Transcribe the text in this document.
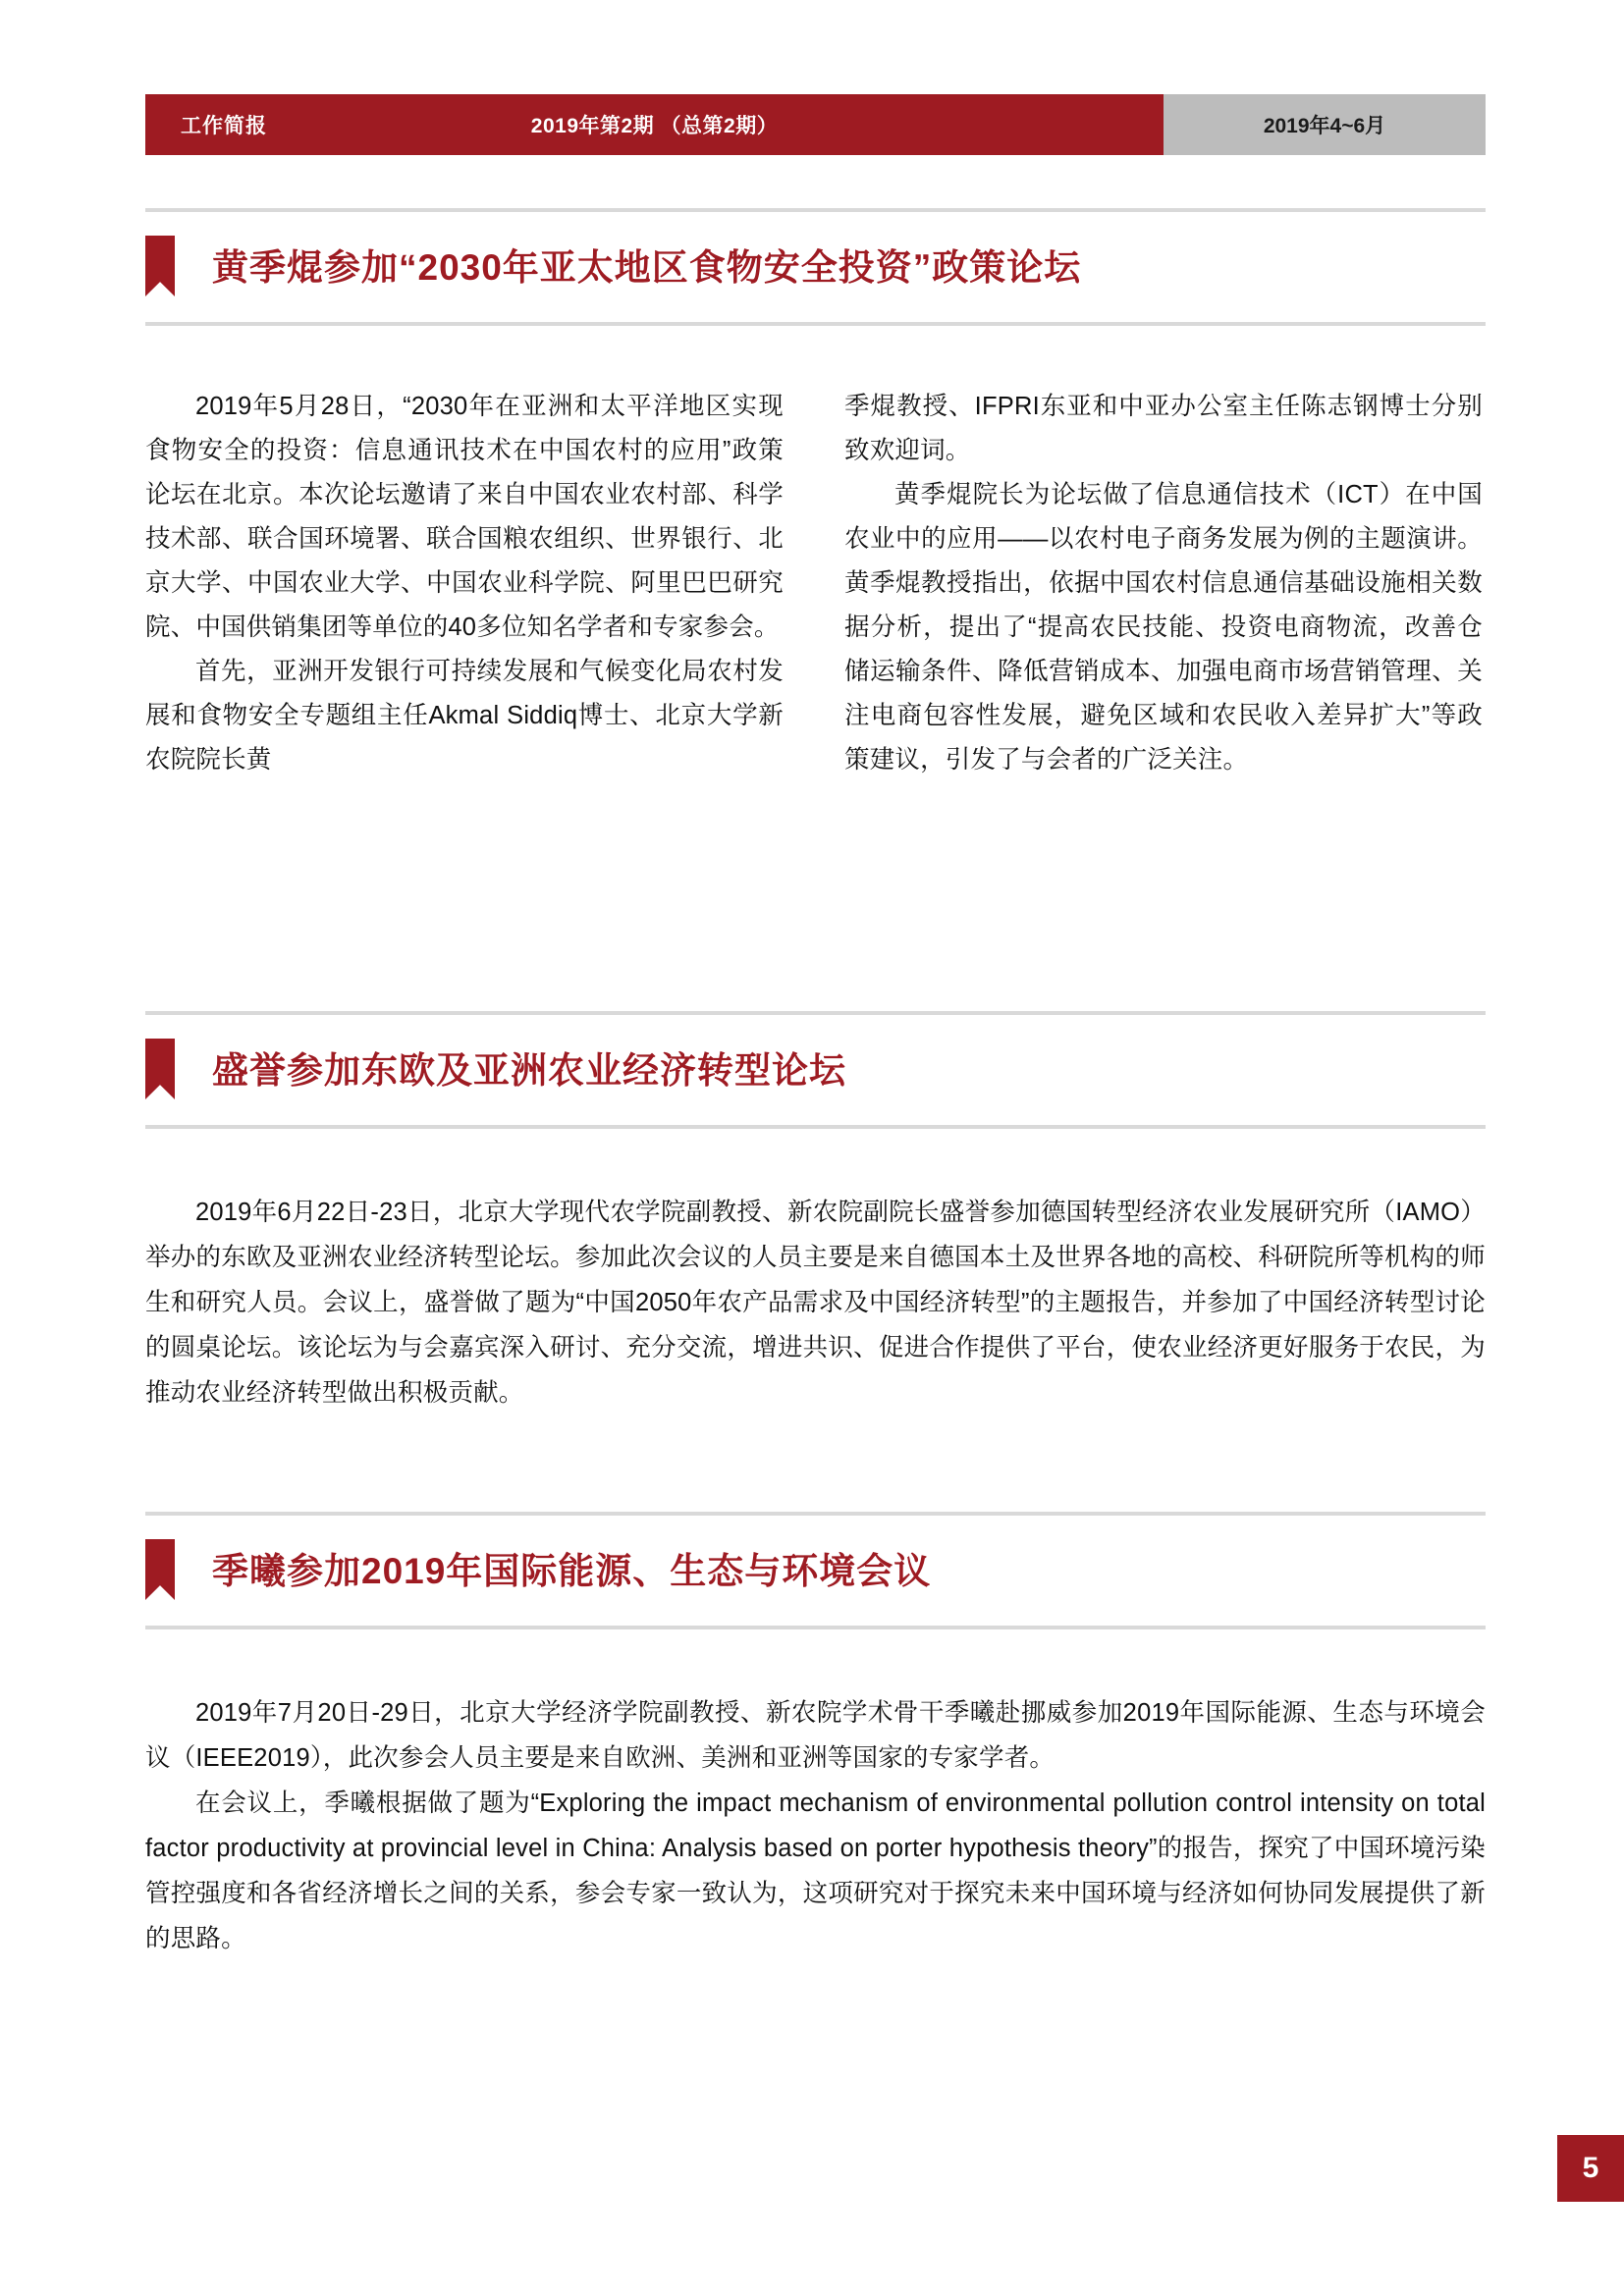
工作简报	2019年第2期 （总第2期）	2019年4~6月
黄季焜参加“2030年亚太地区食物安全投资”政策论坛

2019年5月28日，“2030年在亚洲和太平洋地区实现食物安全的投资：信息通讯技术在中国农村的应用”政策论坛在北京。本次论坛邀请了来自中国农业农村部、科学技术部、联合国环境署、联合国粮农组织、世界银行、北京大学、中国农业大学、中国农业科学院、阿里巴巴研究院、中国供销集团等单位的40多位知名学者和专家参会。

首先，亚洲开发银行可持续发展和气候变化局农村发展和食物安全专题组主任Akmal Siddiq博士、北京大学新农院院长黄

季焜教授、IFPRI东亚和中亚办公室主任陈志钢博士分别致欢迎词。

黄季焜院长为论坛做了信息通信技术（ICT）在中国农业中的应用——以农村电子商务发展为例的主题演讲。黄季焜教授指出，依据中国农村信息通信基础设施相关数据分析，提出了“提高农民技能、投资电商物流，改善仓储运输条件、降低营销成本、加强电商市场营销管理、关注电商包容性发展，避免区域和农民收入差异扩大”等政策建议，引发了与会者的广泛关注。

盛誉参加东欧及亚洲农业经济转型论坛

2019年6月22日-23日，北京大学现代农学院副教授、新农院副院长盛誉参加德国转型经济农业发展研究所（IAMO）举办的东欧及亚洲农业经济转型论坛。参加此次会议的人员主要是来自德国本土及世界各地的高校、科研院所等机构的师生和研究人员。会议上，盛誉做了题为“中国2050年农产品需求及中国经济转型”的主题报告，并参加了中国经济转型讨论的圆桌论坛。该论坛为与会嘉宾深入研讨、充分交流，增进共识、促进合作提供了平台，使农业经济更好服务于农民，为推动农业经济转型做出积极贡献。

季曦参加2019年国际能源、生态与环境会议

2019年7月20日-29日，北京大学经济学院副教授、新农院学术骨干季曦赴挪威参加2019年国际能源、生态与环境会议（IEEE2019），此次参会人员主要是来自欧洲、美洲和亚洲等国家的专家学者。

在会议上，季曦根据做了题为“Exploring the impact mechanism of environmental pollution control intensity on total factor productivity at provincial level in China: Analysis based on porter hypothesis theory”的报告，探究了中国环境污染管控强度和各省经济增长之间的关系，参会专家一致认为，这项研究对于探究未来中国环境与经济如何协同发展提供了新的思路。

5
